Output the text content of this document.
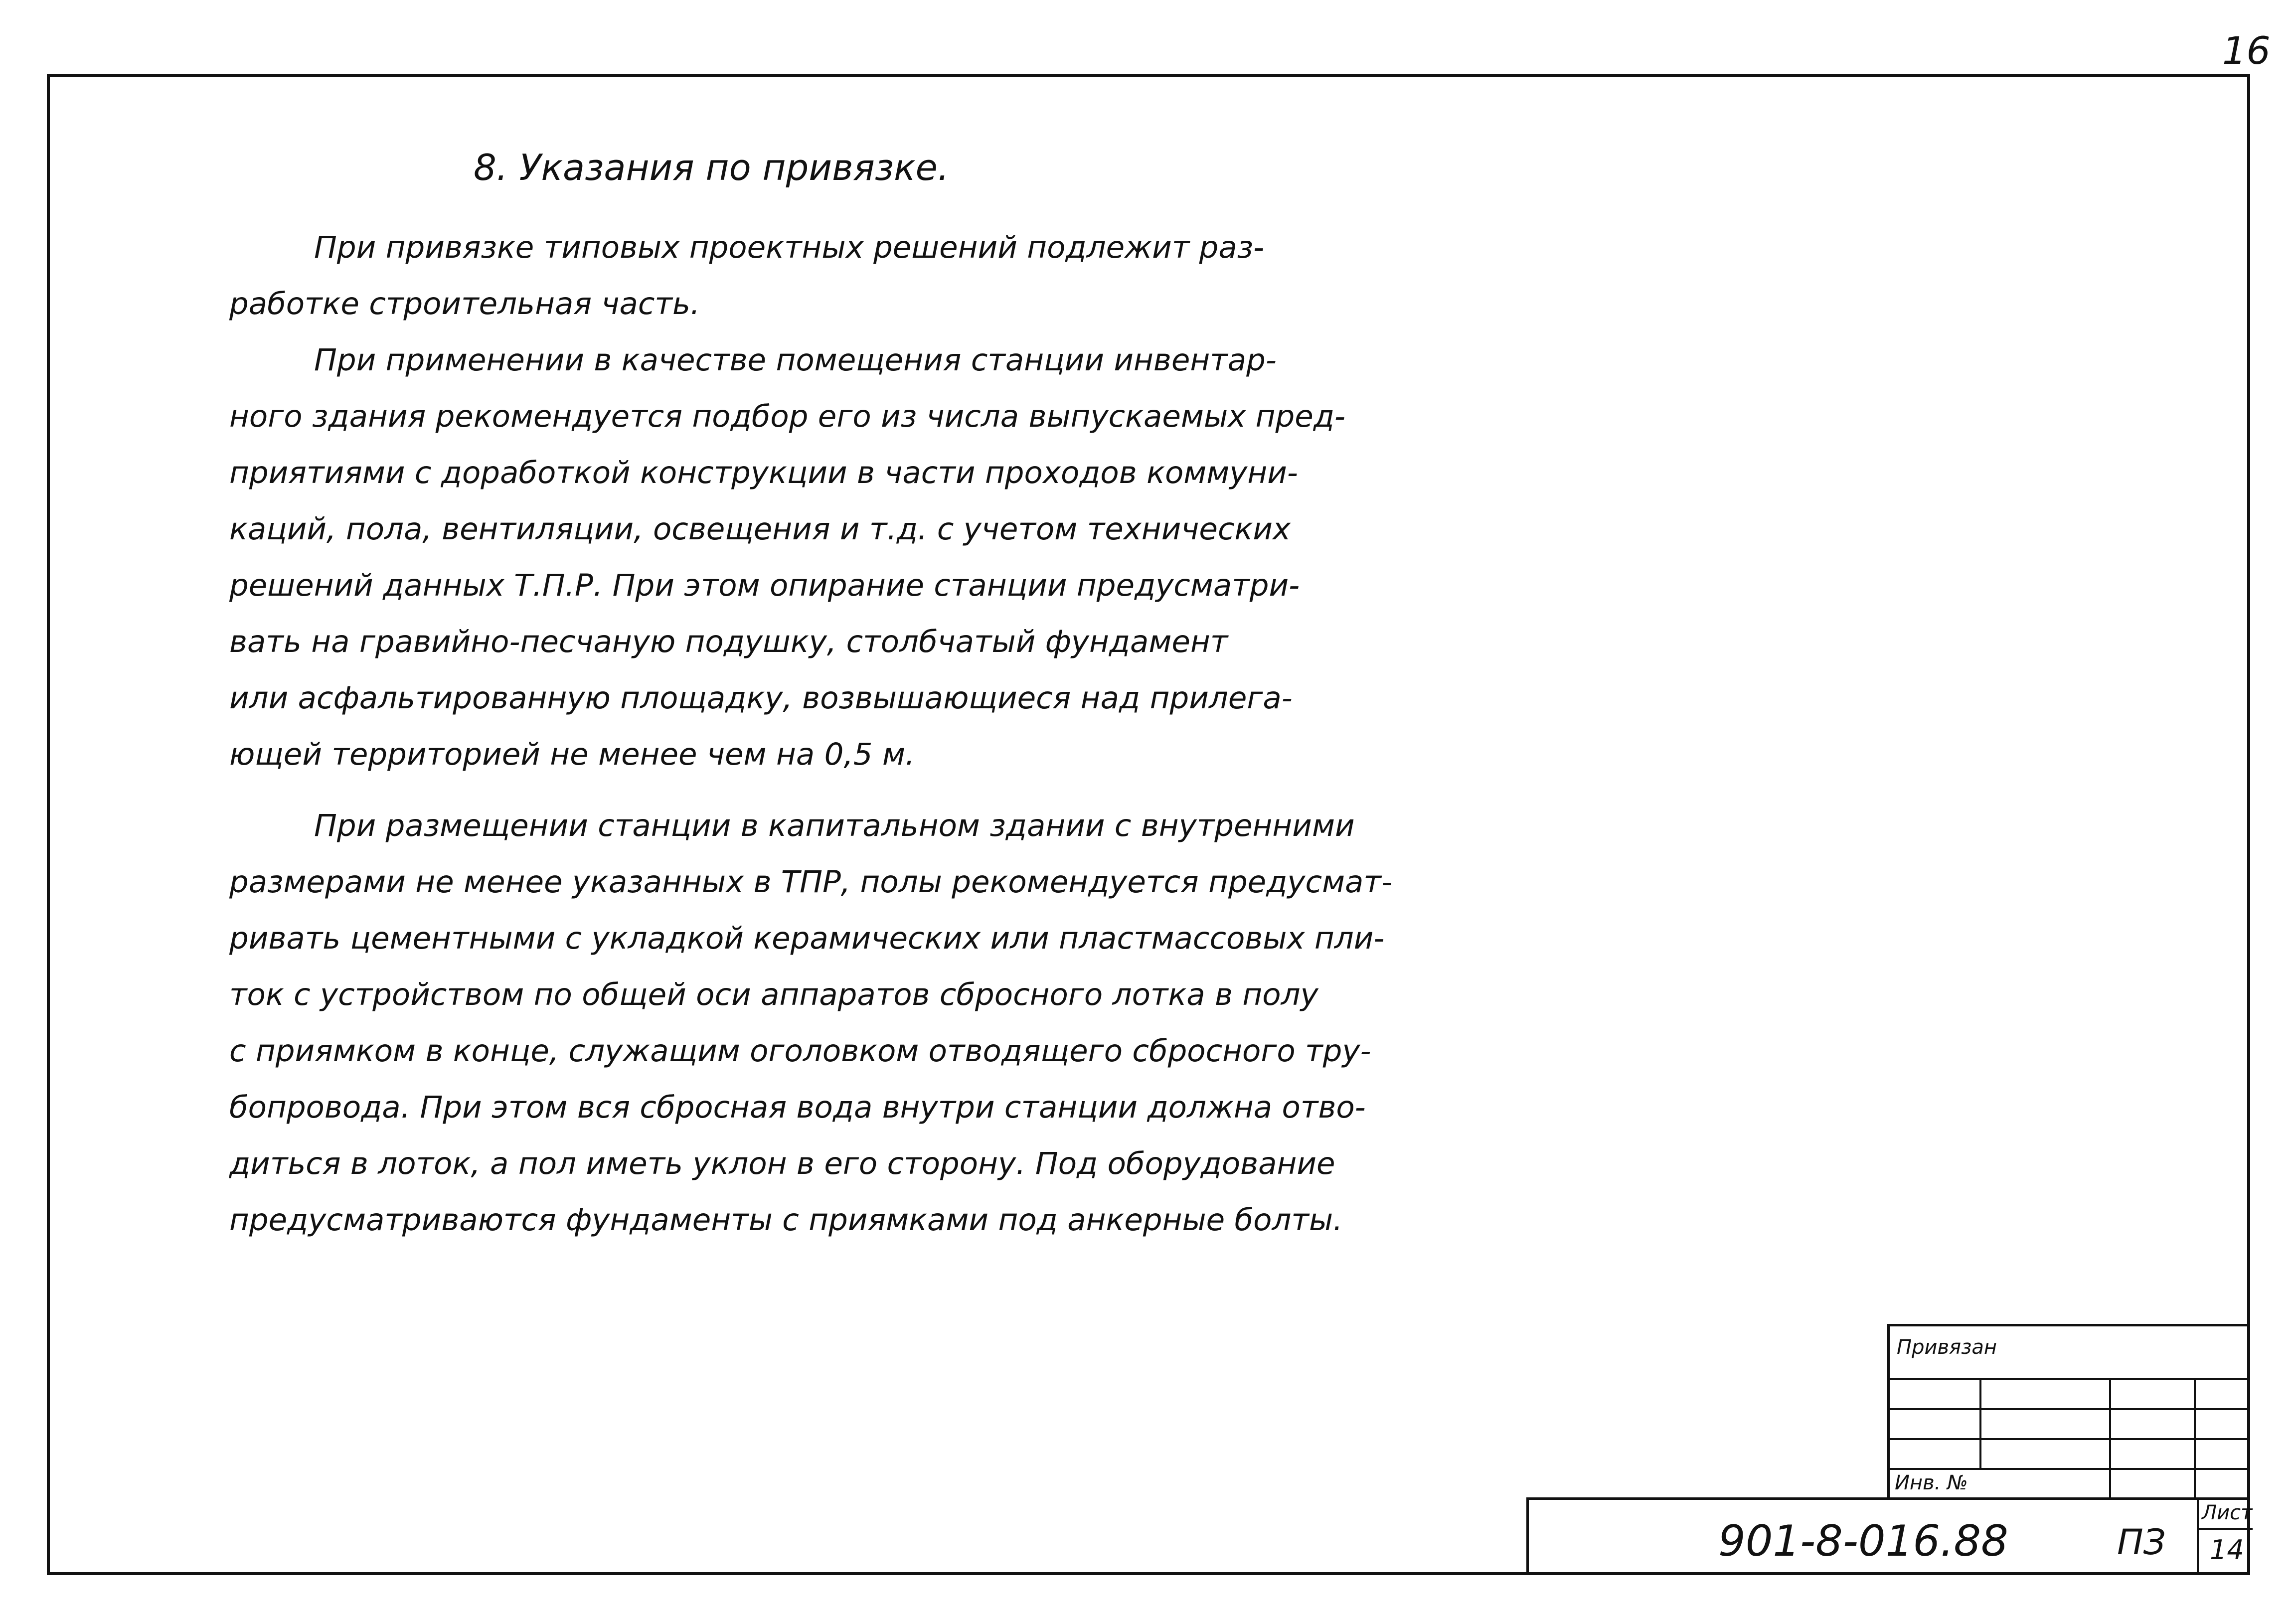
16
8. Указания по привязке.
При привязке типовых проектных решений подлежит раз-
работке строительная часть.
При применении в качестве помещения станции инвентар-
ного здания рекомендуется подбор его из числа выпускаемых пред-
приятиями с доработкой конструкции в части проходов коммуни-
каций, пола, вентиляции, освещения и т.д. с учетом технических
решений данных Т.П.Р. При этом опирание станции предусматри-
вать на гравийно-песчаную подушку, столбчатый фундамент
или асфальтированную площадку, возвышающиеся над прилега-
ющей территорией не менее чем на 0,5 м.
При размещении станции в капитальном здании с внутренними
размерами не менее указанных в ТПР, полы рекомендуется предусмат-
ривать цементными с укладкой керамических или пластмассовых пли-
ток с устройством по общей оси аппаратов сбросного лотка в полу
с приямком в конце, служащим оголовком отводящего сбросного тру-
бопровода. При этом вся сбросная вода внутри станции должна отво-
диться в лоток, а пол иметь уклон в его сторону. Под оборудование
предусматриваются фундаменты с приямками под анкерные болты.
Привязан
Инв. №
901-8-016.88	ПЗ
Лист
14
